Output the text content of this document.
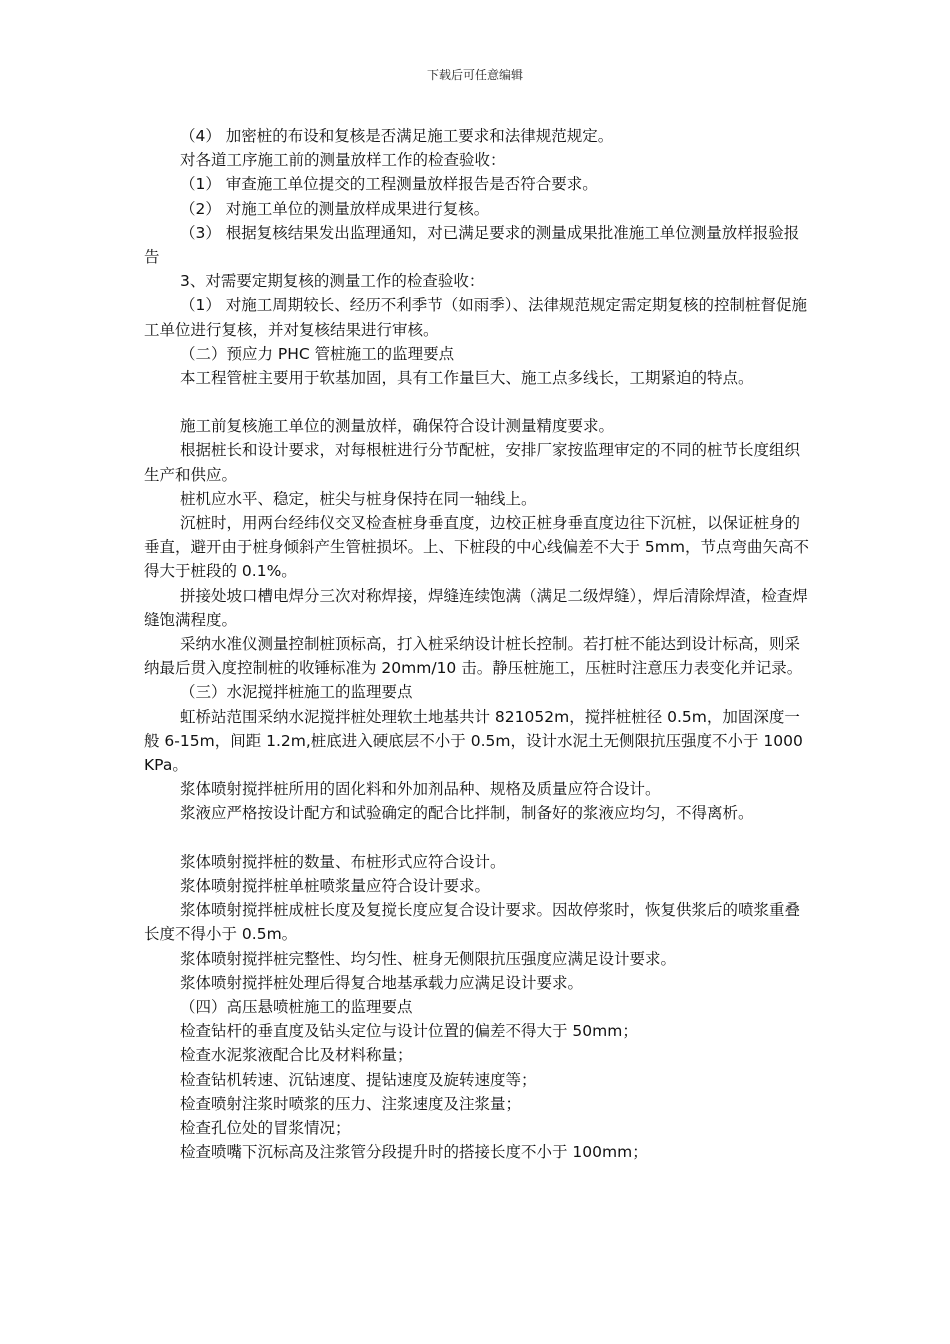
下载后可任意编辑

（4） 加密桩的布设和复核是否满足施工要求和法律规范规定。

对各道工序施工前的测量放样工作的检查验收：

（1） 审查施工单位提交的工程测量放样报告是否符合要求。

（2） 对施工单位的测量放样成果进行复核。

（3） 根据复核结果发出监理通知，对已满足要求的测量成果批准施工单位测量放样报验报告

3、对需要定期复核的测量工作的检查验收：

（1） 对施工周期较长、经历不利季节（如雨季）、法律规范规定需定期复核的控制桩督促施工单位进行复核，并对复核结果进行审核。

（二）预应力 PHC 管桩施工的监理要点

本工程管桩主要用于软基加固，具有工作量巨大、施工点多线长，工期紧迫的特点。

施工前复核施工单位的测量放样，确保符合设计测量精度要求。

根据桩长和设计要求，对每根桩进行分节配桩，安排厂家按监理审定的不同的桩节长度组织生产和供应。

桩机应水平、稳定，桩尖与桩身保持在同一轴线上。

沉桩时，用两台经纬仪交叉检查桩身垂直度，边校正桩身垂直度边往下沉桩，以保证桩身的垂直，避开由于桩身倾斜产生管桩损坏。上、下桩段的中心线偏差不大于 5mm，节点弯曲矢高不得大于桩段的 0.1%。

拼接处坡口槽电焊分三次对称焊接，焊缝连续饱满（满足二级焊缝），焊后清除焊渣，检查焊缝饱满程度。

采纳水准仪测量控制桩顶标高，打入桩采纳设计桩长控制。若打桩不能达到设计标高，则采纳最后贯入度控制桩的收锤标准为 20mm/10 击。静压桩施工，压桩时注意压力表变化并记录。

（三）水泥搅拌桩施工的监理要点

虹桥站范围采纳水泥搅拌桩处理软土地基共计 821052m，搅拌桩桩径 0.5m，加固深度一般 6-15m，间距 1.2m,桩底进入硬底层不小于 0.5m，设计水泥土无侧限抗压强度不小于 1000KPa。

浆体喷射搅拌桩所用的固化料和外加剂品种、规格及质量应符合设计。

浆液应严格按设计配方和试验确定的配合比拌制，制备好的浆液应均匀，不得离析。

浆体喷射搅拌桩的数量、布桩形式应符合设计。

浆体喷射搅拌桩单桩喷浆量应符合设计要求。

浆体喷射搅拌桩成桩长度及复搅长度应复合设计要求。因故停浆时，恢复供浆后的喷浆重叠长度不得小于 0.5m。

浆体喷射搅拌桩完整性、均匀性、桩身无侧限抗压强度应满足设计要求。

浆体喷射搅拌桩处理后得复合地基承载力应满足设计要求。

（四）高压悬喷桩施工的监理要点

检查钻杆的垂直度及钻头定位与设计位置的偏差不得大于 50mm；

检查水泥浆液配合比及材料称量；

检查钻机转速、沉钻速度、提钻速度及旋转速度等；

检查喷射注浆时喷浆的压力、注浆速度及注浆量；

检查孔位处的冒浆情况；

检查喷嘴下沉标高及注浆管分段提升时的搭接长度不小于 100mm；
